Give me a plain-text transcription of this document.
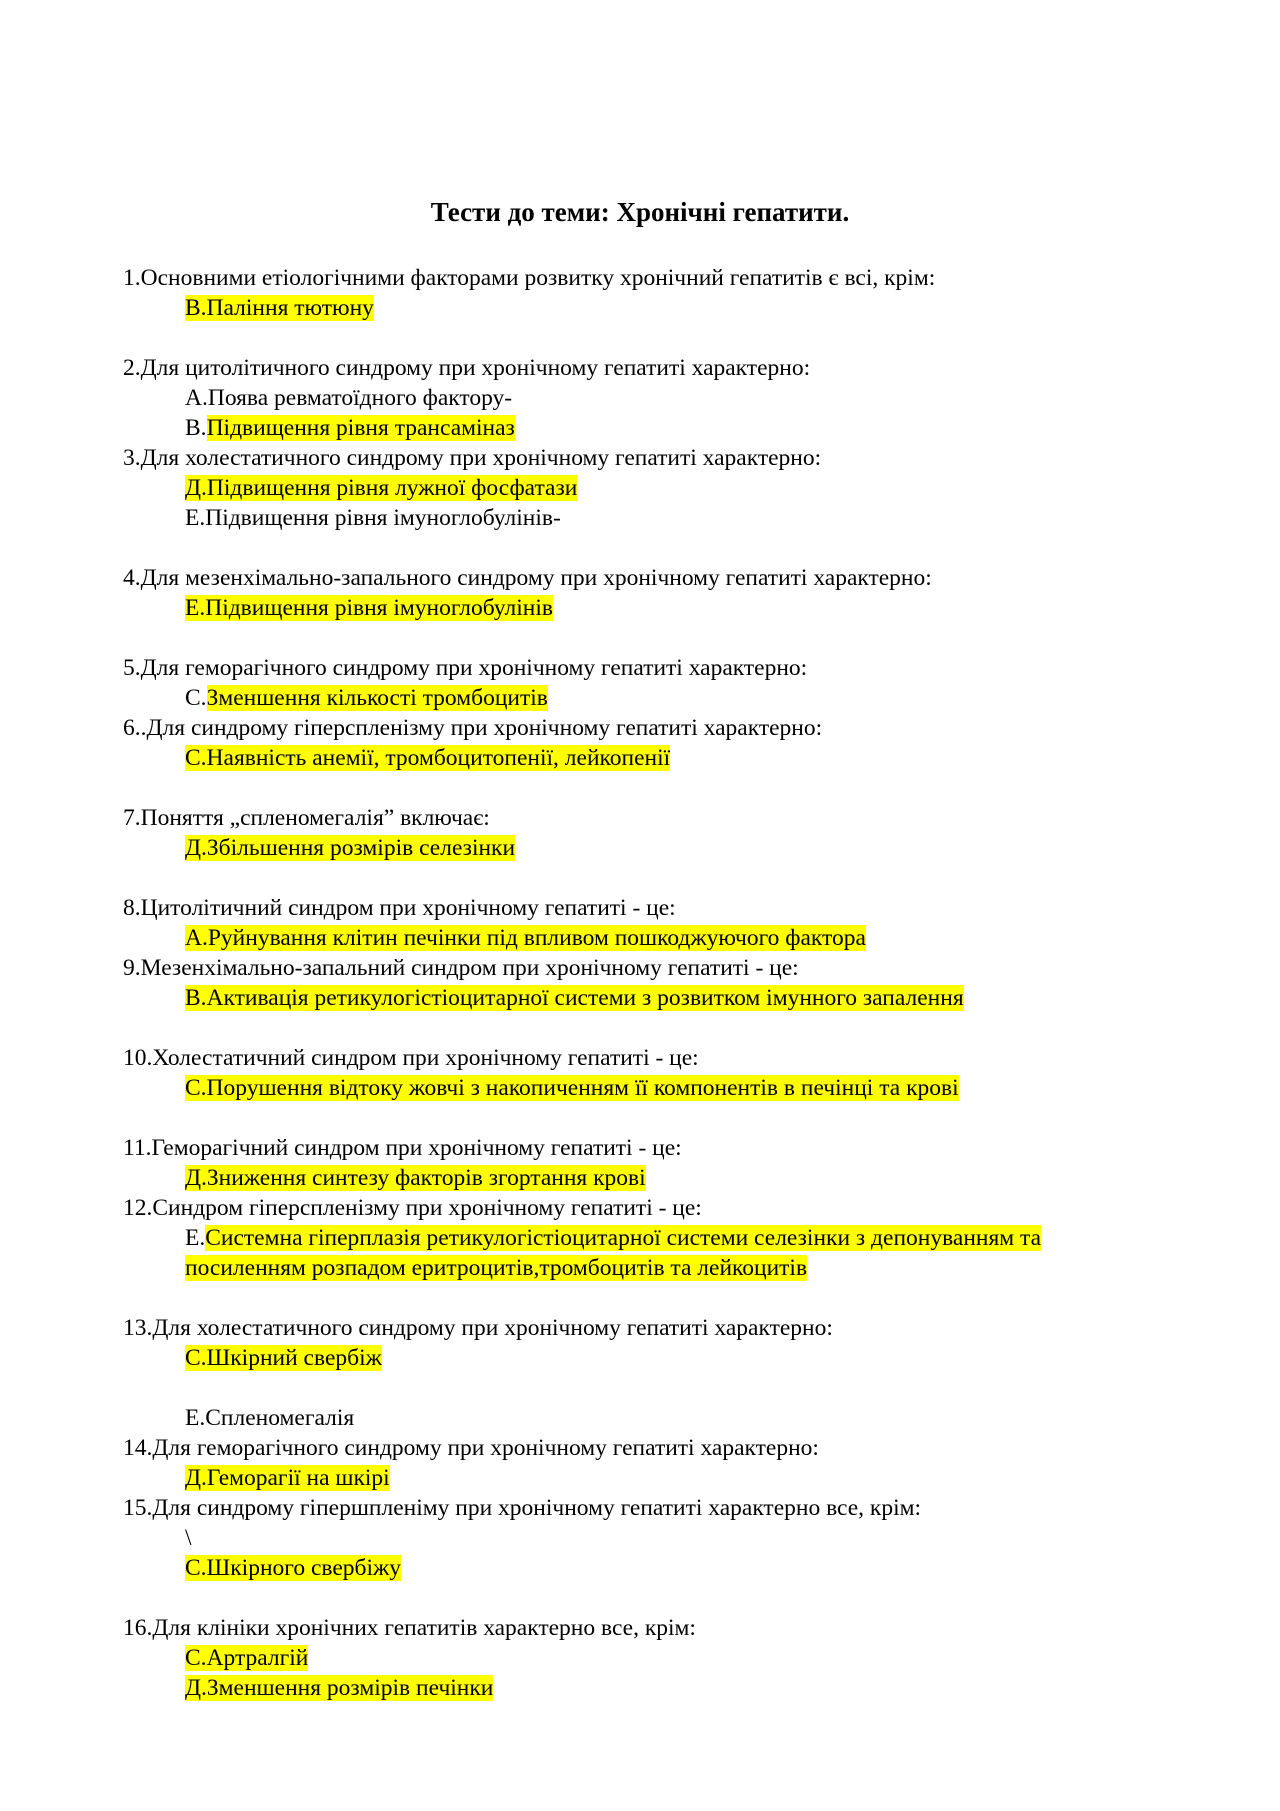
Тести до теми: Хронічні гепатити.
1.Основними етіологічними факторами розвитку хронічний гепатитів є всі, крім:
В.Паління тютюну
2.Для цитолітичного синдрому при хронічному гепатиті характерно:
А.Поява ревматоїдного фактору-
В.Підвищення рівня трансаміназ
3.Для холестатичного синдрому при хронічному гепатиті характерно:
Д.Підвищення рівня лужної фосфатази
Е.Підвищення рівня імуноглобулінів-
4.Для мезенхімально-запального синдрому при хронічному гепатиті характерно:
Е.Підвищення рівня імуноглобулінів
5.Для геморагічного синдрому при хронічному гепатиті характерно:
С.Зменшення кількості тромбоцитів
6..Для синдрому гіперспленізму при хронічному гепатиті характерно:
С.Наявність анемії, тромбоцитопенії, лейкопенії
7.Поняття „спленомегалія” включає:
Д.Збільшення розмірів селезінки
8.Цитолітичний синдром при хронічному гепатиті - це:
А.Руйнування клітин печінки під впливом пошкоджуючого фактора
9.Мезенхімально-запальний синдром при хронічному гепатиті - це:
В.Активація ретикулогістіоцитарної системи з розвитком імунного запалення
10.Холестатичний синдром при хронічному гепатиті - це:
С.Порушення відтоку жовчі з накопиченням її компонентів в печінці та крові
11.Геморагічний синдром при хронічному гепатиті - це:
Д.Зниження синтезу факторів згортання крові
12.Синдром гіперспленізму при хронічному гепатиті - це:
Е.Системна гіперплазія ретикулогістіоцитарної системи селезінки з депонуванням та
посиленням розпадом еритроцитів,тромбоцитів та лейкоцитів
13.Для холестатичного синдрому при хронічному гепатиті характерно:
С.Шкірний свербіж
Е.Спленомегалія
14.Для геморагічного синдрому при хронічному гепатиті характерно:
Д.Геморагії на шкірі
15.Для синдрому гіпершпленіму при хронічному гепатиті характерно все, крім:
\
С.Шкірного свербіжу
16.Для клініки хронічних гепатитів характерно все, крім:
С.Артралгій
Д.Зменшення розмірів печінки
